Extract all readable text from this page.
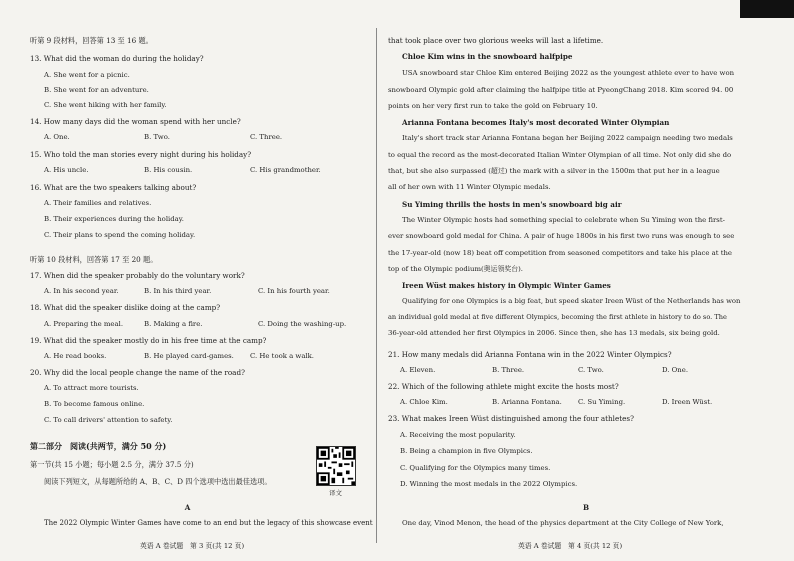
听第 9 段材料，回答第 13 至 16 题。
13. What did the woman do during the holiday?
A. She went for a picnic.
B. She went for an adventure.
C. She went hiking with her family.
14. How many days did the woman spend with her uncle?
A. One.	B. Two.	C. Three.
15. Who told the man stories every night during his holiday?
A. His uncle.	B. His cousin.	C. His grandmother.
16. What are the two speakers talking about?
A. Their families and relatives.
B. Their experiences during the holiday.
C. Their plans to spend the coming holiday.
听第 10 段材料，回答第 17 至 20 题。
17. When did the speaker probably do the voluntary work?
A. In his second year.	B. In his third year.	C. In his fourth year.
18. What did the speaker dislike doing at the camp?
A. Preparing the meal.	B. Making a fire.	C. Doing the washing-up.
19. What did the speaker mostly do in his free time at the camp?
A. He read books.	B. He played card-games. C. He took a walk.
20. Why did the local people change the name of the road?
A. To attract more tourists.
B. To become famous online.
C. To call drivers' attention to safety.
第二部分　阅读(共两节，满分 50 分)
第一节(共 15 小题；每小题 2.5 分，满分 37.5 分)
阅读下列短文，从每题所给的 A、B、C、D 四个选项中选出最佳选项。
译文
A
The 2022 Olympic Winter Games have come to an end but the legacy of this showcase event
英语 A 卷试题　第 3 页(共 12 页)
that took place over two glorious weeks will last a lifetime.
Chloe Kim wins in the snowboard halfpipe
USA snowboard star Chloe Kim entered Beijing 2022 as the youngest athlete ever to have won
snowboard Olympic gold after claiming the halfpipe title at PyeongChang 2018. Kim scored 94. 00
points on her very first run to take the gold on February 10.
Arianna Fontana becomes Italy's most decorated Winter Olympian
Italy's short track star Arianna Fontana began her Beijing 2022 campaign needing two medals
to equal the record as the most-decorated Italian Winter Olympian of all time. Not only did she do
that, but she also surpassed (超过) the mark with a silver in the 1500m that put her in a league
all of her own with 11 Winter Olympic medals.
Su Yiming thrills the hosts in men's snowboard big air
The Winter Olympic hosts had something special to celebrate when Su Yiming won the first-
ever snowboard gold medal for China. A pair of huge 1800s in his first two runs was enough to see
the 17-year-old (now 18) beat off competition from seasoned competitors and take his place at the
top of the Olympic podium(奥运领奖台).
Ireen Wüst makes history in Olympic Winter Games
Qualifying for one Olympics is a big feat, but speed skater Ireen Wüst of the Netherlands has won
an individual gold medal at five different Olympics, becoming the first athlete in history to do so. The
36-year-old attended her first Olympics in 2006. Since then, she has 13 medals, six being gold.
21. How many medals did Arianna Fontana win in the 2022 Winter Olympics?
A. Eleven.	B. Three.	C. Two.	D. One.
22. Which of the following athlete might excite the hosts most?
A. Chloe Kim.	B. Arianna Fontana. C. Su Yiming.	D. Ireen Wüst.
23. What makes Ireen Wüst distinguished among the four athletes?
A. Receiving the most popularity.
B. Being a champion in five Olympics.
C. Qualifying for the Olympics many times.
D. Winning the most medals in the 2022 Olympics.
B
One day, Vinod Menon, the head of the physics department at the City College of New York,
英语 A 卷试题　第 4 页(共 12 页)
